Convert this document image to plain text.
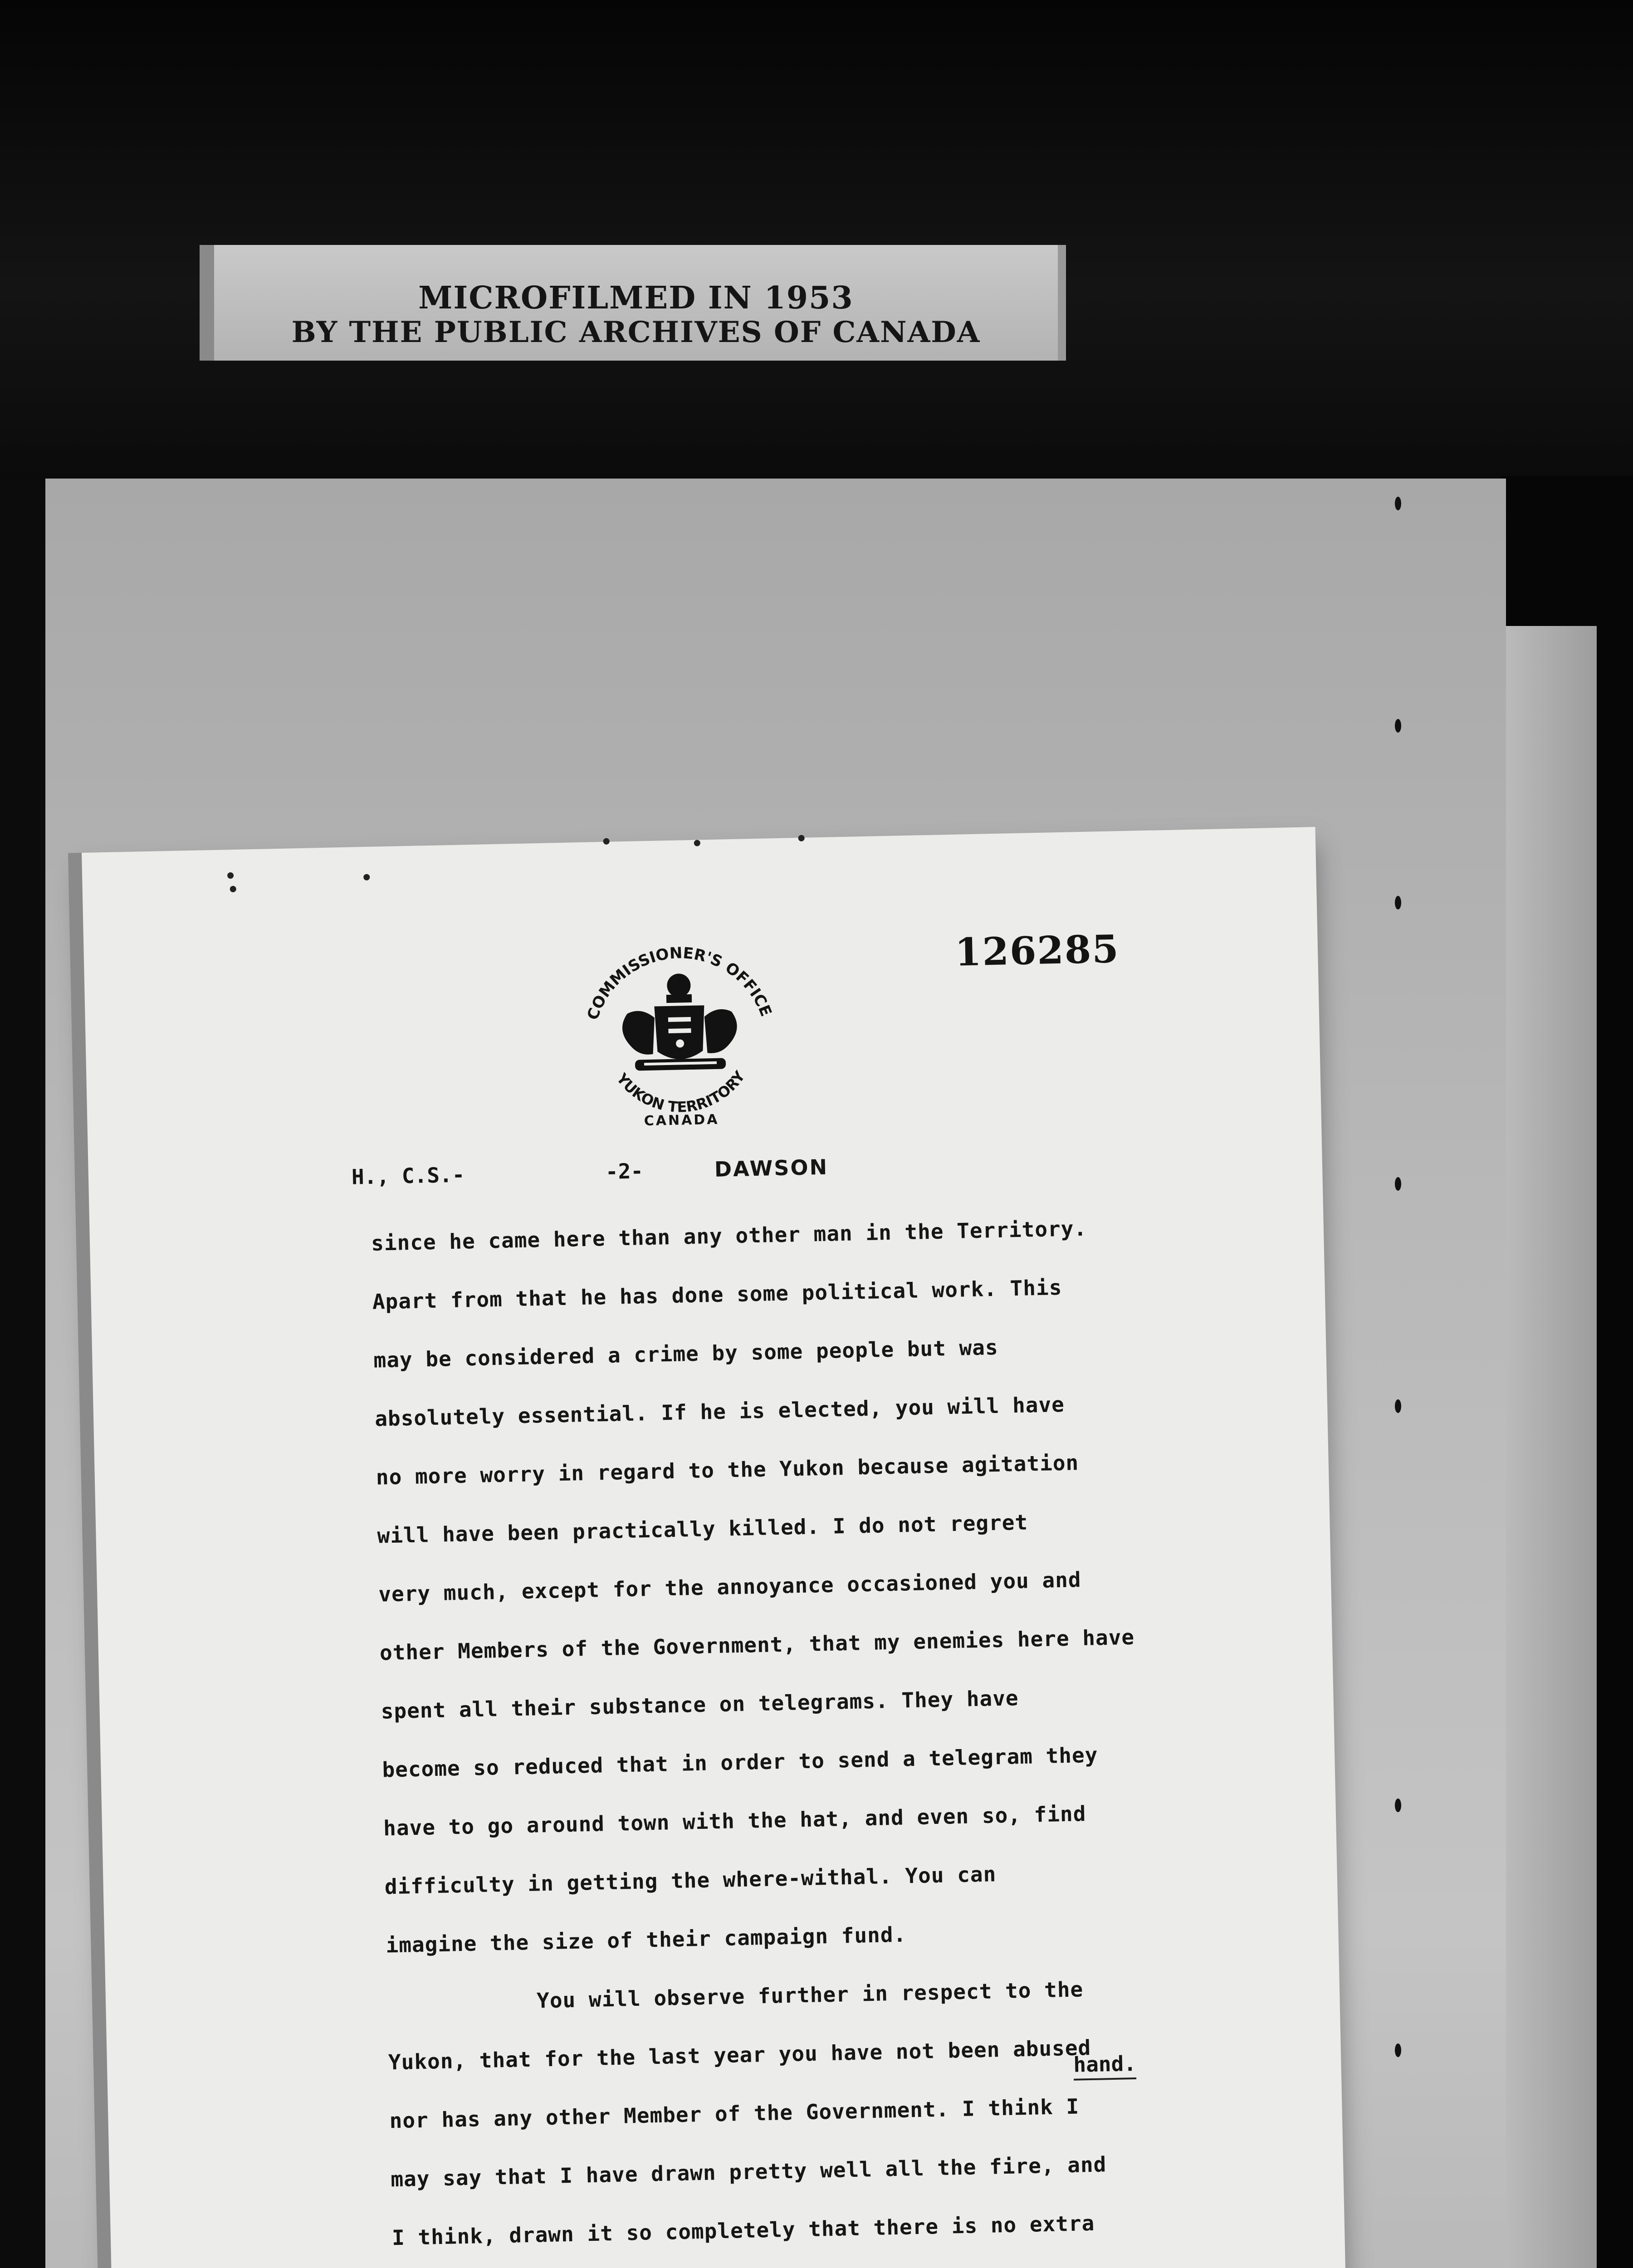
MICROFILMED IN 1953
BY THE PUBLIC ARCHIVES OF CANADA
COMMISSIONER'S OFFICE
YUKON TERRITORY
CANADA
126285
H., C.S.-	-2-	DAWSON
since he came here than any other man in the Territory.
Apart from that he has done some political work. This
may be considered a crime by some people but was
absolutely essential. If he is elected, you will have
no more worry in regard to the Yukon because agitation
will have been practically killed. I do not regret
very much, except for the annoyance occasioned you and
other Members of the Government, that my enemies here have
spent all their substance on telegrams. They have
become so reduced that in order to send a telegram they
have to go around town with the hat, and even so, find
difficulty in getting the where-withal. You can
imagine the size of their campaign fund.
You will observe further in respect to the
Yukon, that for the last year you have not been abused
nor has any other Member of the Government. I think I
may say that I have drawn pretty well all the fire, and
I think, drawn it so completely that there is no extra
hand.
